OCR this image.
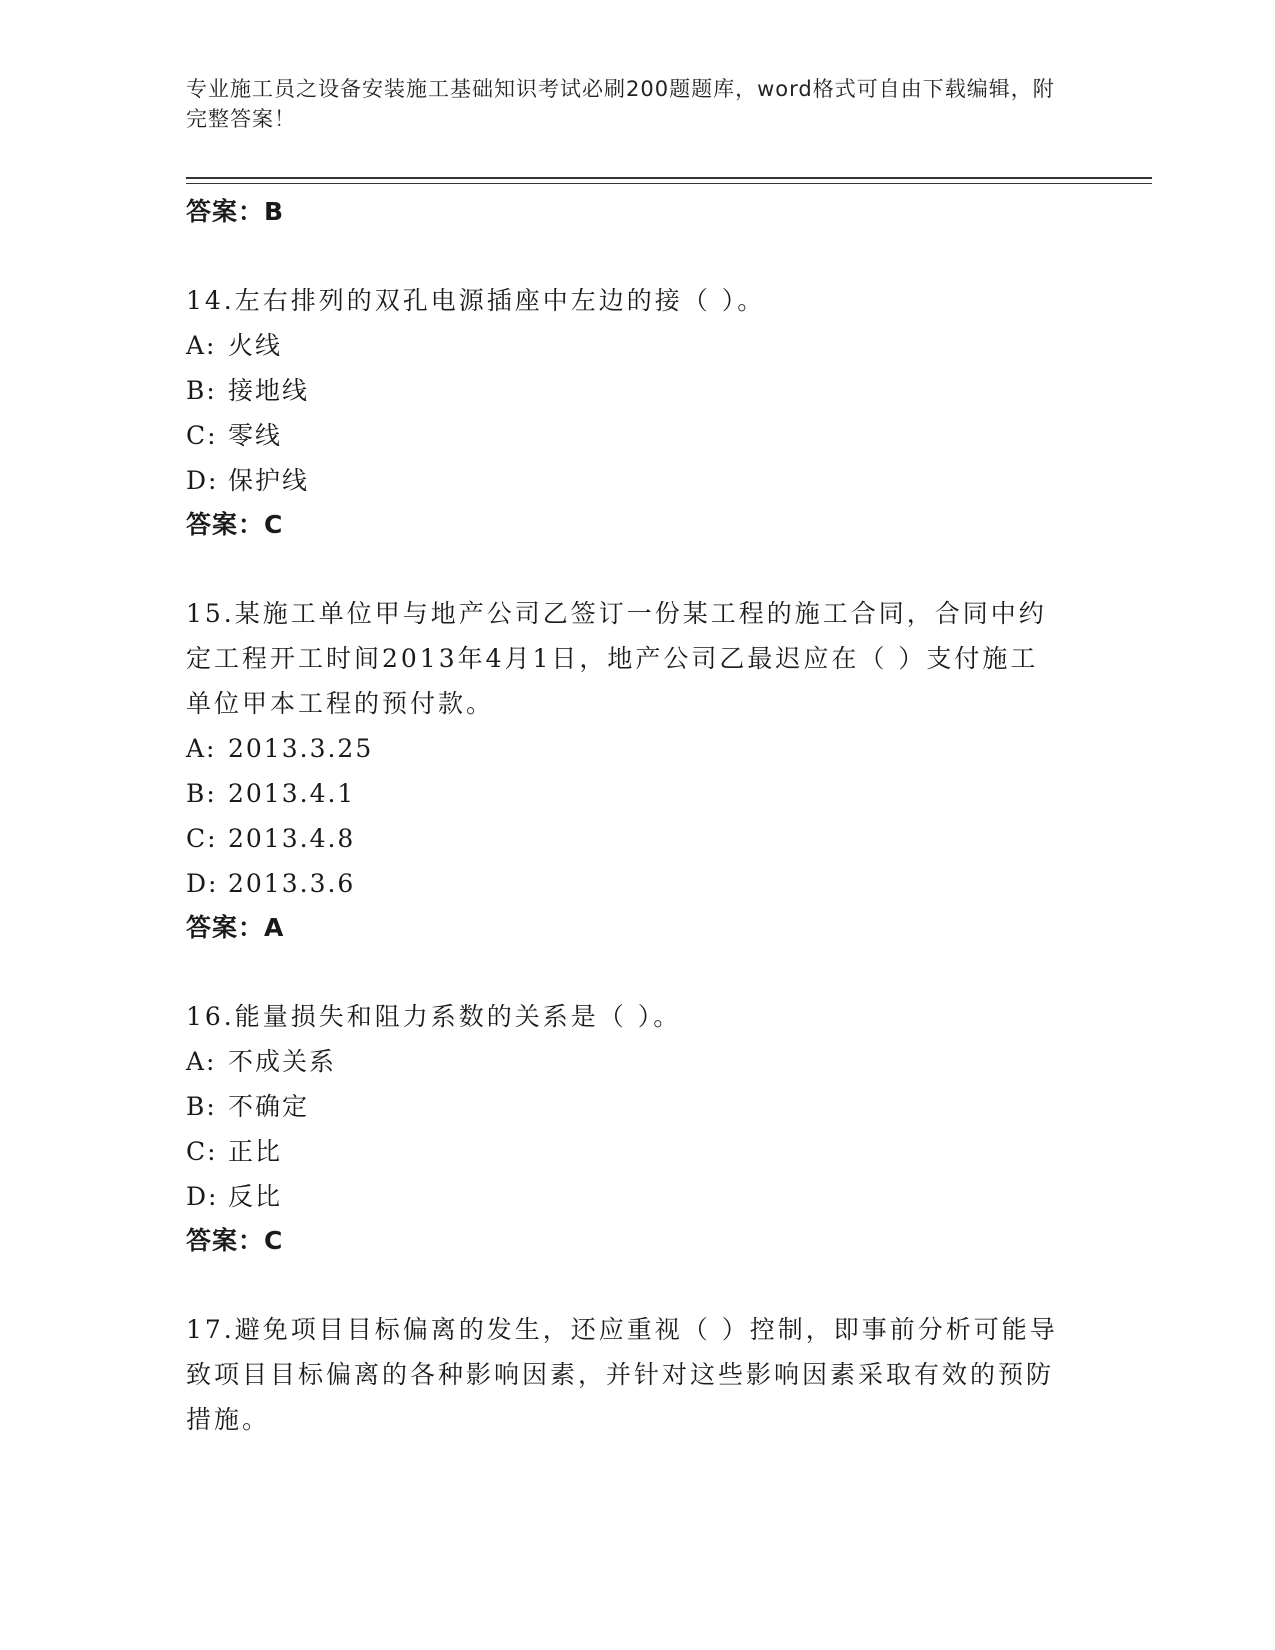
专业施工员之设备安装施工基础知识考试必刷200题题库，word格式可自由下载编辑，附完整答案！
答案：B
14.左右排列的双孔电源插座中左边的接（ ）。
A: 火线
B: 接地线
C: 零线
D: 保护线
答案：C
15.某施工单位甲与地产公司乙签订一份某工程的施工合同，合同中约定工程开工时间2013年4月1日，地产公司乙最迟应在（ ）支付施工单位甲本工程的预付款。
A: 2013.3.25
B: 2013.4.1
C: 2013.4.8
D: 2013.3.6
答案：A
16.能量损失和阻力系数的关系是（ ）。
A: 不成关系
B: 不确定
C: 正比
D: 反比
答案：C
17.避免项目目标偏离的发生，还应重视（ ）控制，即事前分析可能导致项目目标偏离的各种影响因素，并针对这些影响因素采取有效的预防措施。
